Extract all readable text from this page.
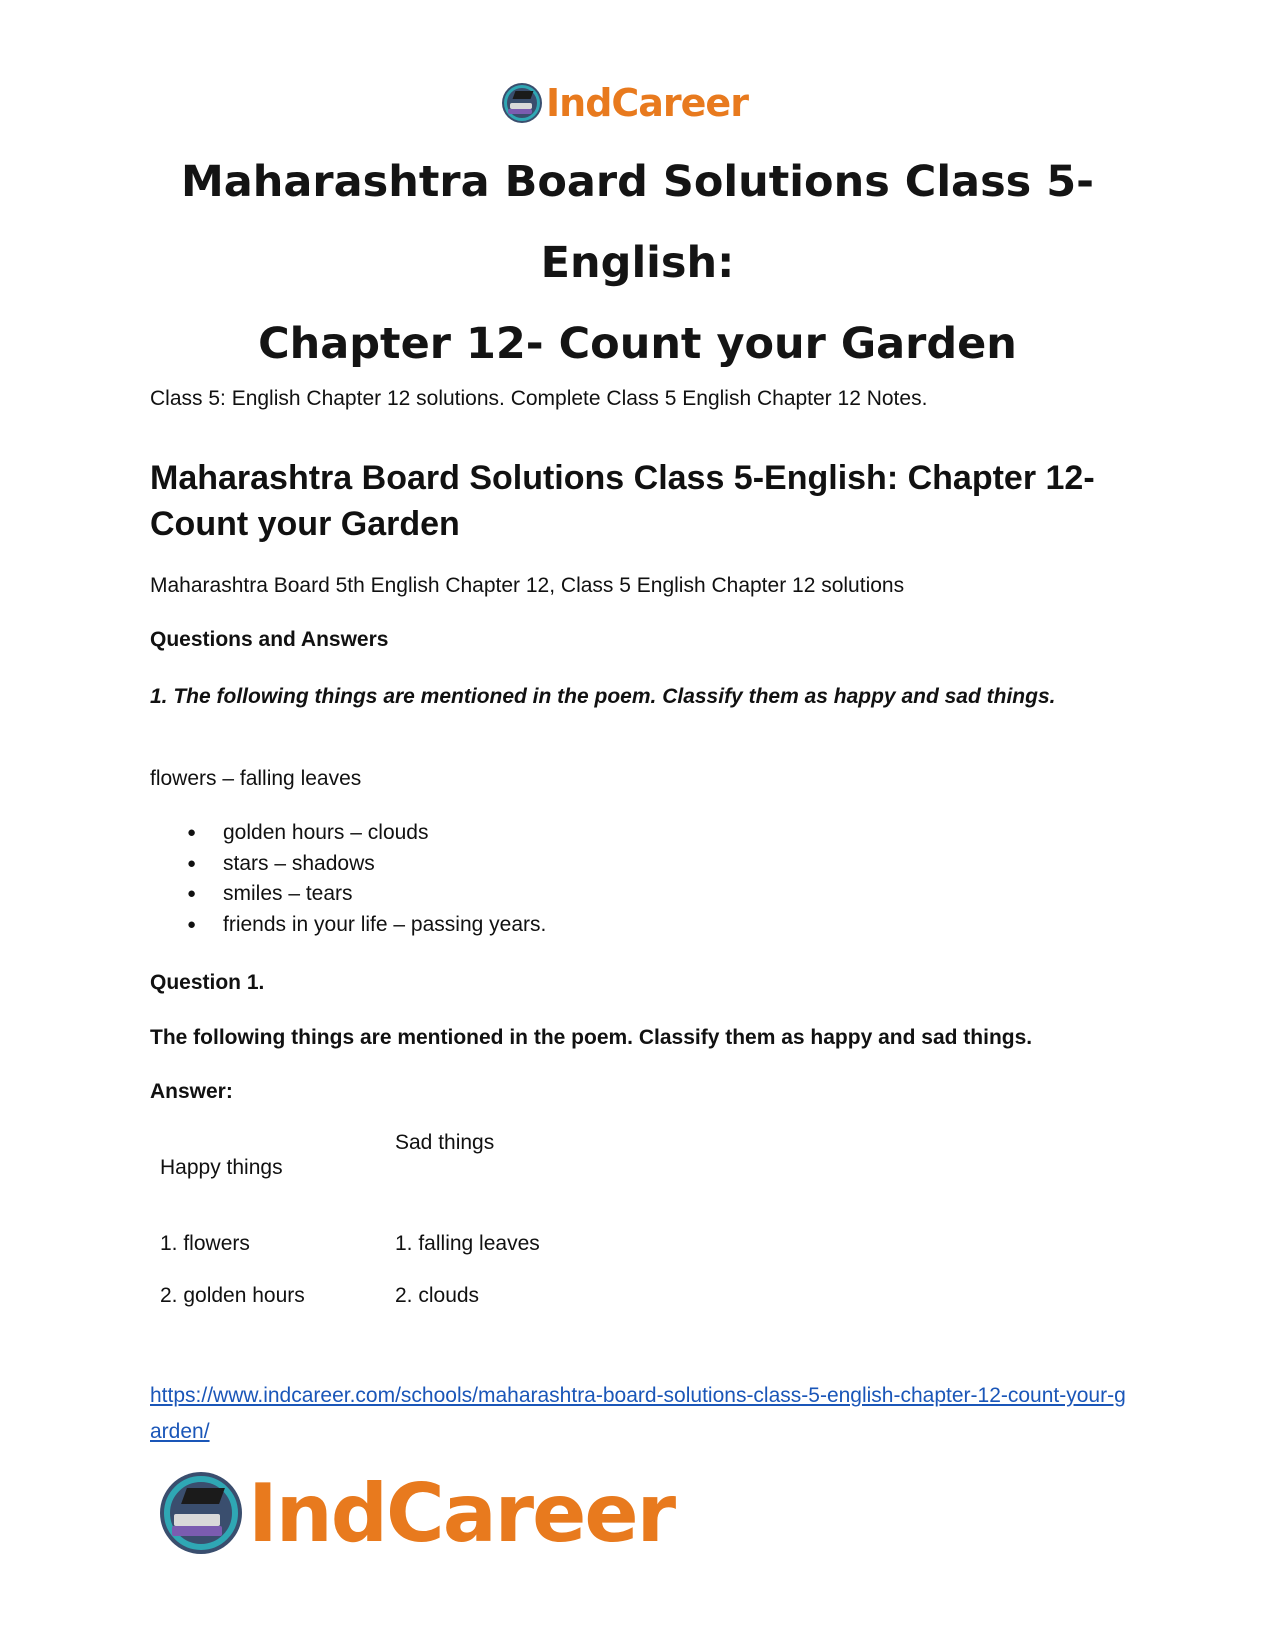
IndCareer
Maharashtra Board Solutions Class 5-English:
Chapter 12- Count your Garden

Class 5: English Chapter 12 solutions. Complete Class 5 English Chapter 12 Notes.

Maharashtra Board Solutions Class 5-English: Chapter 12- Count your Garden

Maharashtra Board 5th English Chapter 12, Class 5 English Chapter 12 solutions

Questions and Answers

1. The following things are mentioned in the poem. Classify them as happy and sad things.

flowers – falling leaves

● golden hours – clouds
● stars – shadows
● smiles – tears
● friends in your life – passing years.

Question 1.

The following things are mentioned in the poem. Classify them as happy and sad things.

Answer:

Sad things
Happy things
1. flowers	1. falling leaves
2. golden hours	2. clouds
https://www.indcareer.com/schools/maharashtra-board-solutions-class-5-english-chapter-12-count-your-garden/
IndCareer
